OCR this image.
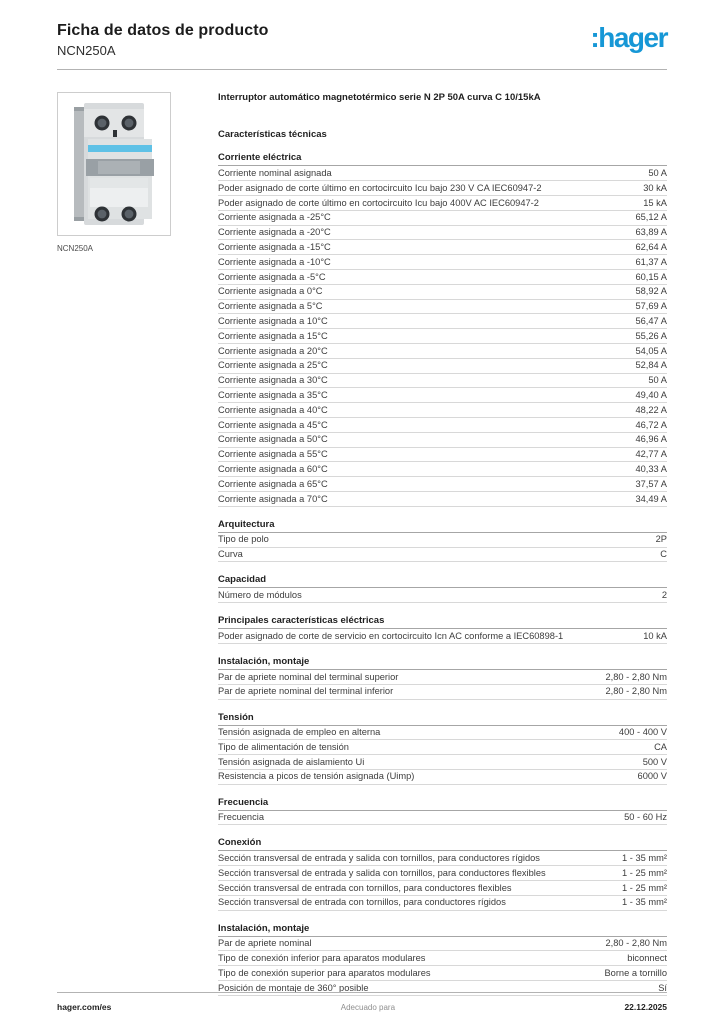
Ficha de datos de producto
NCN250A	:hager
NCN250A
Interruptor automático magnetotérmico serie N 2P 50A curva C 10/15kA
Características técnicas
Corriente eléctrica
Corriente nominal asignada	50 A
Poder asignado de corte último en cortocircuito Icu bajo 230 V CA IEC60947-2	30 kA
Poder asignado de corte último en cortocircuito Icu bajo 400V AC IEC60947-2	15 kA
Corriente asignada a -25°C	65,12 A
Corriente asignada a -20°C	63,89 A
Corriente asignada a -15°C	62,64 A
Corriente asignada a -10°C	61,37 A
Corriente asignada a -5°C	60,15 A
Corriente asignada a 0°C	58,92 A
Corriente asignada a 5°C	57,69 A
Corriente asignada a 10°C	56,47 A
Corriente asignada a 15°C	55,26 A
Corriente asignada a 20°C	54,05 A
Corriente asignada a 25°C	52,84 A
Corriente asignada a 30°C	50 A
Corriente asignada a 35°C	49,40 A
Corriente asignada a 40°C	48,22 A
Corriente asignada a 45°C	46,72 A
Corriente asignada a 50°C	46,96 A
Corriente asignada a 55°C	42,77 A
Corriente asignada a 60°C	40,33 A
Corriente asignada a 65°C	37,57 A
Corriente asignada a 70°C	34,49 A
Arquitectura
Tipo de polo	2P
Curva	C
Capacidad
Número de módulos	2
Principales características eléctricas
Poder asignado de corte de servicio en cortocircuito Icn AC conforme a IEC60898-1	10 kA
Instalación, montaje
Par de apriete nominal del terminal superior	2,80 - 2,80 Nm
Par de apriete nominal del terminal inferior	2,80 - 2,80 Nm
Tensión
Tensión asignada de empleo en alterna	400 - 400 V
Tipo de alimentación de tensión	CA
Tensión asignada de aislamiento Ui	500 V
Resistencia a picos de tensión asignada (Uimp)	6000 V
Frecuencia
Frecuencia	50 - 60 Hz
Conexión
Sección transversal de entrada y salida con tornillos, para conductores rígidos	1 - 35 mm²
Sección transversal de entrada y salida con tornillos, para conductores flexibles	1 - 25 mm²
Sección transversal de entrada con tornillos, para conductores flexibles	1 - 25 mm²
Sección transversal de entrada con tornillos, para conductores rígidos	1 - 35 mm²
Instalación, montaje
Par de apriete nominal	2,80 - 2,80 Nm
Tipo de conexión inferior para aparatos modulares	biconnect
Tipo de conexión superior para aparatos modulares	Borne a tornillo
Posición de montaje de 360° posible	Sí
hager.com/es	Adecuado para	22.12.2025
